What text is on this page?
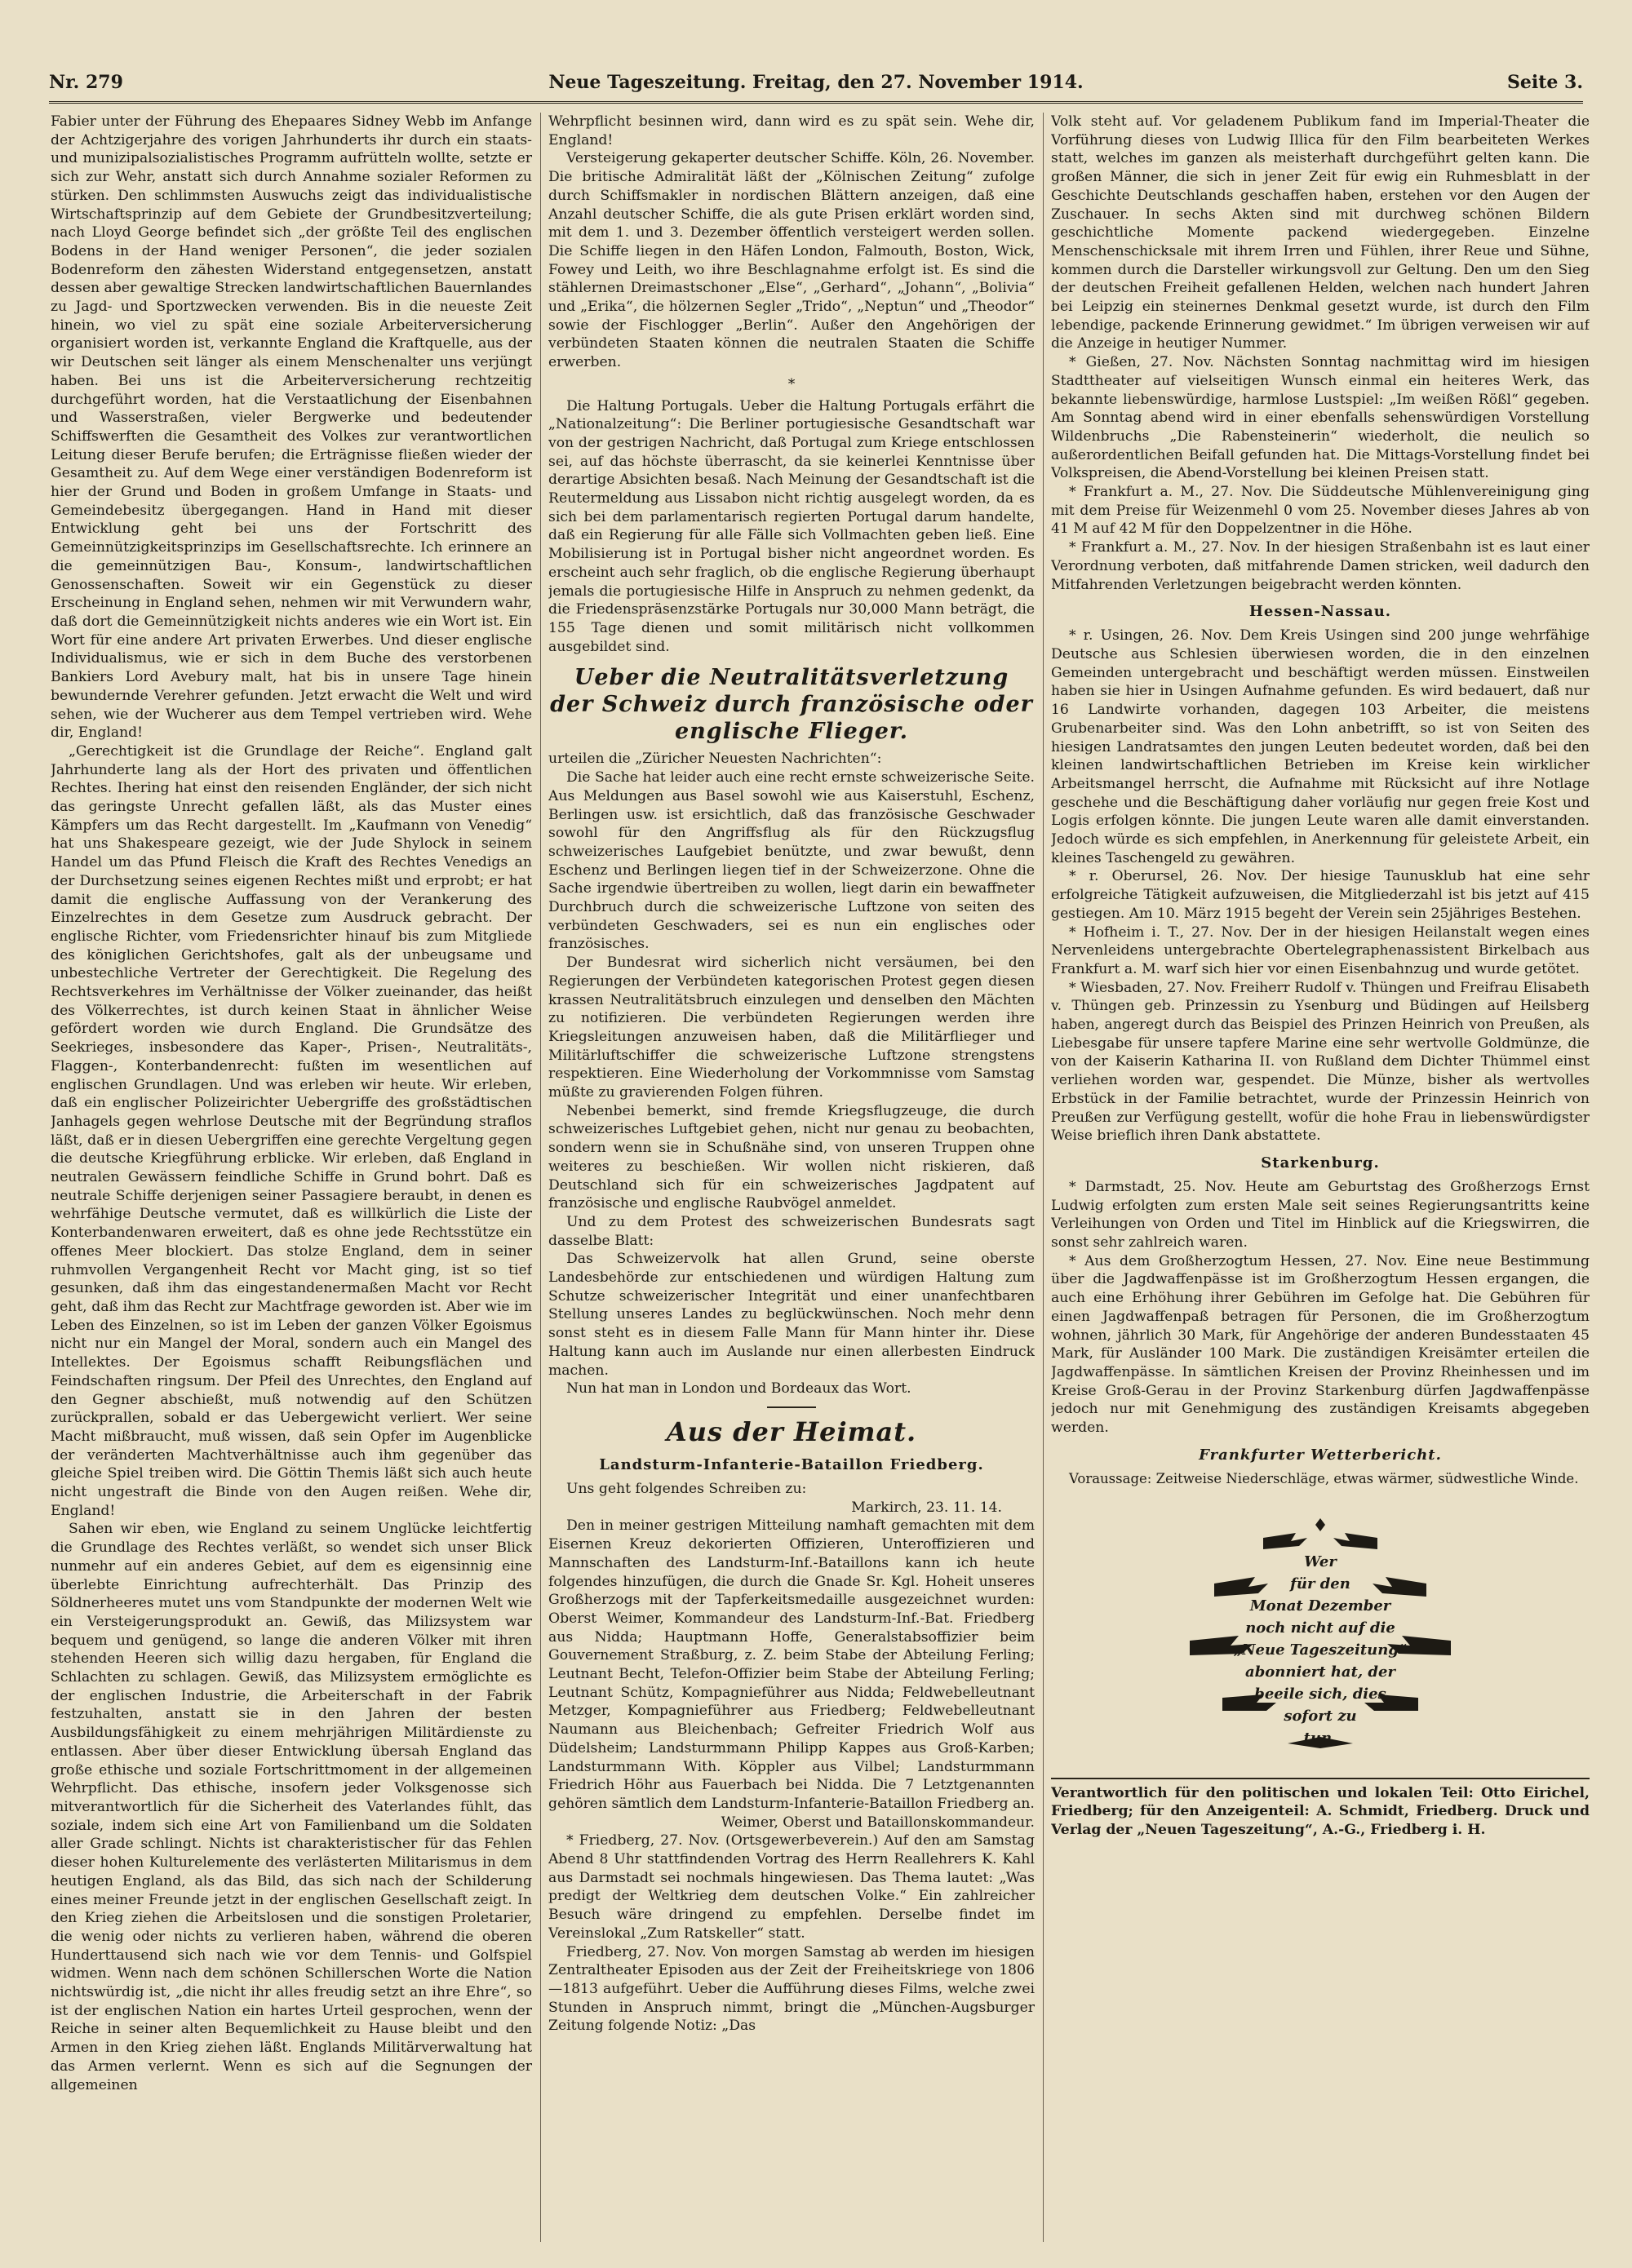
Nr. 279	Neue Tageszeitung. Freitag, den 27. November 1914.	Seite 3.

Fabier unter der Führung des Ehepaares Sidney Webb im Anfange der Achtzigerjahre des vorigen Jahrhunderts ihr durch ein staats- und munizipalsozialistisches Programm aufrütteln wollte, setzte er sich zur Wehr, anstatt sich durch Annahme sozialer Reformen zu stürken. Den schlimmsten Auswuchs zeigt das individualistische Wirtschaftsprinzip auf dem Gebiete der Grundbesitzverteilung; nach Lloyd George befindet sich „der größte Teil des englischen Bodens in der Hand weniger Personen“, die jeder sozialen Bodenreform den zähesten Widerstand entgegensetzen, anstatt dessen aber gewaltige Strecken landwirtschaftlichen Bauernlandes zu Jagd- und Sportzwecken verwenden. Bis in die neueste Zeit hinein, wo viel zu spät eine soziale Arbeiterversicherung organisiert worden ist, verkannte England die Kraftquelle, aus der wir Deutschen seit länger als einem Menschenalter uns verjüngt haben. Bei uns ist die Arbeiterversicherung rechtzeitig durchgeführt worden, hat die Verstaatlichung der Eisenbahnen und Wasserstraßen, vieler Bergwerke und bedeutender Schiffswerften die Gesamtheit des Volkes zur verantwortlichen Leitung dieser Berufe berufen; die Erträgnisse fließen wieder der Gesamtheit zu. Auf dem Wege einer verständigen Bodenreform ist hier der Grund und Boden in großem Umfange in Staats- und Gemeindebesitz übergegangen. Hand in Hand mit dieser Entwicklung geht bei uns der Fortschritt des Gemeinnützigkeitsprinzips im Gesellschaftsrechte. Ich erinnere an die gemeinnützigen Bau-, Konsum-, landwirtschaftlichen Genossenschaften. Soweit wir ein Gegenstück zu dieser Erscheinung in England sehen, nehmen wir mit Verwundern wahr, daß dort die Gemeinnützigkeit nichts anderes wie ein Wort ist. Ein Wort für eine andere Art privaten Erwerbes. Und dieser englische Individualismus, wie er sich in dem Buche des verstorbenen Bankiers Lord Avebury malt, hat bis in unsere Tage hinein bewundernde Verehrer gefunden. Jetzt erwacht die Welt und wird sehen, wie der Wucherer aus dem Tempel vertrieben wird. Wehe dir, England!

„Gerechtigkeit ist die Grundlage der Reiche“. England galt Jahrhunderte lang als der Hort des privaten und öffentlichen Rechtes. Ihering hat einst den reisenden Engländer, der sich nicht das geringste Unrecht gefallen läßt, als das Muster eines Kämpfers um das Recht dargestellt. Im „Kaufmann von Venedig“ hat uns Shakespeare gezeigt, wie der Jude Shylock in seinem Handel um das Pfund Fleisch die Kraft des Rechtes Venedigs an der Durchsetzung seines eigenen Rechtes mißt und erprobt; er hat damit die englische Auffassung von der Verankerung des Einzelrechtes in dem Gesetze zum Ausdruck gebracht. Der englische Richter, vom Friedensrichter hinauf bis zum Mitgliede des königlichen Gerichtshofes, galt als der unbeugsame und unbestechliche Vertreter der Gerechtigkeit. Die Regelung des Rechtsverkehres im Verhältnisse der Völker zueinander, das heißt des Völkerrechtes, ist durch keinen Staat in ähnlicher Weise gefördert worden wie durch England. Die Grundsätze des Seekrieges, insbesondere das Kaper-, Prisen-, Neutralitäts-, Flaggen-, Konterbandenrecht: fußten im wesentlichen auf englischen Grundlagen. Und was erleben wir heute. Wir erleben, daß ein englischer Polizeirichter Uebergriffe des großstädtischen Janhagels gegen wehrlose Deutsche mit der Begründung straflos läßt, daß er in diesen Uebergriffen eine gerechte Vergeltung gegen die deutsche Kriegführung erblicke. Wir erleben, daß England in neutralen Gewässern feindliche Schiffe in Grund bohrt. Daß es neutrale Schiffe derjenigen seiner Passagiere beraubt, in denen es wehrfähige Deutsche vermutet, daß es willkürlich die Liste der Konterbandenwaren erweitert, daß es ohne jede Rechtsstütze ein offenes Meer blockiert. Das stolze England, dem in seiner ruhmvollen Vergangenheit Recht vor Macht ging, ist so tief gesunken, daß ihm das eingestandenermaßen Macht vor Recht geht, daß ihm das Recht zur Machtfrage geworden ist. Aber wie im Leben des Einzelnen, so ist im Leben der ganzen Völker Egoismus nicht nur ein Mangel der Moral, sondern auch ein Mangel des Intellektes. Der Egoismus schafft Reibungsflächen und Feindschaften ringsum. Der Pfeil des Unrechtes, den England auf den Gegner abschießt, muß notwendig auf den Schützen zurückprallen, sobald er das Uebergewicht verliert. Wer seine Macht mißbraucht, muß wissen, daß sein Opfer im Augenblicke der veränderten Machtverhältnisse auch ihm gegenüber das gleiche Spiel treiben wird. Die Göttin Themis läßt sich auch heute nicht ungestraft die Binde von den Augen reißen. Wehe dir, England!

Sahen wir eben, wie England zu seinem Unglücke leichtfertig die Grundlage des Rechtes verläßt, so wendet sich unser Blick nunmehr auf ein anderes Gebiet, auf dem es eigensinnig eine überlebte Einrichtung aufrechterhält. Das Prinzip des Söldnerheeres mutet uns vom Standpunkte der modernen Welt wie ein Versteigerungsprodukt an. Gewiß, das Milizsystem war bequem und genügend, so lange die anderen Völker mit ihren stehenden Heeren sich willig dazu hergaben, für England die Schlachten zu schlagen. Gewiß, das Milizsystem ermöglichte es der englischen Industrie, die Arbeiterschaft in der Fabrik festzuhalten, anstatt sie in den Jahren der besten Ausbildungsfähigkeit zu einem mehrjährigen Militärdienste zu entlassen. Aber über dieser Entwicklung übersah England das große ethische und soziale Fortschrittmoment in der allgemeinen Wehrpflicht. Das ethische, insofern jeder Volksgenosse sich mitverantwortlich für die Sicherheit des Vaterlandes fühlt, das soziale, indem sich eine Art von Familienband um die Soldaten aller Grade schlingt. Nichts ist charakteristischer für das Fehlen dieser hohen Kulturelemente des verlästerten Militarismus in dem heutigen England, als das Bild, das sich nach der Schilderung eines meiner Freunde jetzt in der englischen Gesellschaft zeigt. In den Krieg ziehen die Arbeitslosen und die sonstigen Proletarier, die wenig oder nichts zu verlieren haben, während die oberen Hunderttausend sich nach wie vor dem Tennis- und Golfspiel widmen. Wenn nach dem schönen Schillerschen Worte die Nation nichtswürdig ist, „die nicht ihr alles freudig setzt an ihre Ehre“, so ist der englischen Nation ein hartes Urteil gesprochen, wenn der Reiche in seiner alten Bequemlichkeit zu Hause bleibt und den Armen in den Krieg ziehen läßt. Englands Militärverwaltung hat das Armen verlernt. Wenn es sich auf die Segnungen der allgemeinen

Wehrpflicht besinnen wird, dann wird es zu spät sein. Wehe dir, England!

Versteigerung gekaperter deutscher Schiffe. Köln, 26. November. Die britische Admiralität läßt der „Kölnischen Zeitung“ zufolge durch Schiffsmakler in nordischen Blättern anzeigen, daß eine Anzahl deutscher Schiffe, die als gute Prisen erklärt worden sind, mit dem 1. und 3. Dezember öffentlich versteigert werden sollen. Die Schiffe liegen in den Häfen London, Falmouth, Boston, Wick, Fowey und Leith, wo ihre Beschlagnahme erfolgt ist. Es sind die stählernen Dreimastschoner „Else“, „Gerhard“, „Johann“, „Bolivia“ und „Erika“, die hölzernen Segler „Trido“, „Neptun“ und „Theodor“ sowie der Fischlogger „Berlin“. Außer den Angehörigen der verbündeten Staaten können die neutralen Staaten die Schiffe erwerben.

*

Die Haltung Portugals. Ueber die Haltung Portugals erfährt die „Nationalzeitung“: Die Berliner portugiesische Gesandtschaft war von der gestrigen Nachricht, daß Portugal zum Kriege entschlossen sei, auf das höchste überrascht, da sie keinerlei Kenntnisse über derartige Absichten besaß. Nach Meinung der Gesandtschaft ist die Reutermeldung aus Lissabon nicht richtig ausgelegt worden, da es sich bei dem parlamentarisch regierten Portugal darum handelte, daß ein Regierung für alle Fälle sich Vollmachten geben ließ. Eine Mobilisierung ist in Portugal bisher nicht angeordnet worden. Es erscheint auch sehr fraglich, ob die englische Regierung überhaupt jemals die portugiesische Hilfe in Anspruch zu nehmen gedenkt, da die Friedenspräsenzstärke Portugals nur 30,000 Mann beträgt, die 155 Tage dienen und somit militärisch nicht vollkommen ausgebildet sind.

Ueber die Neutralitätsverletzung der Schweiz durch französische oder englische Flieger.

urteilen die „Züricher Neuesten Nachrichten“:

Die Sache hat leider auch eine recht ernste schweizerische Seite. Aus Meldungen aus Basel sowohl wie aus Kaiserstuhl, Eschenz, Berlingen usw. ist ersichtlich, daß das französische Geschwader sowohl für den Angriffsflug als für den Rückzugsflug schweizerisches Laufgebiet benützte, und zwar bewußt, denn Eschenz und Berlingen liegen tief in der Schweizerzone. Ohne die Sache irgendwie übertreiben zu wollen, liegt darin ein bewaffneter Durchbruch durch die schweizerische Luftzone von seiten des verbündeten Geschwaders, sei es nun ein englisches oder französisches.

Der Bundesrat wird sicherlich nicht versäumen, bei den Regierungen der Verbündeten kategorischen Protest gegen diesen krassen Neutralitätsbruch einzulegen und denselben den Mächten zu notifizieren. Die verbündeten Regierungen werden ihre Kriegsleitungen anzuweisen haben, daß die Militärflieger und Militärluftschiffer die schweizerische Luftzone strengstens respektieren. Eine Wiederholung der Vorkommnisse vom Samstag müßte zu gravierenden Folgen führen.

Nebenbei bemerkt, sind fremde Kriegsflugzeuge, die durch schweizerisches Luftgebiet gehen, nicht nur genau zu beobachten, sondern wenn sie in Schußnähe sind, von unseren Truppen ohne weiteres zu beschießen. Wir wollen nicht riskieren, daß Deutschland sich für ein schweizerisches Jagdpatent auf französische und englische Raubvögel anmeldet.

Und zu dem Protest des schweizerischen Bundesrats sagt dasselbe Blatt:

Das Schweizervolk hat allen Grund, seine oberste Landesbehörde zur entschiedenen und würdigen Haltung zum Schutze schweizerischer Integrität und einer unanfechtbaren Stellung unseres Landes zu beglückwünschen. Noch mehr denn sonst steht es in diesem Falle Mann für Mann hinter ihr. Diese Haltung kann auch im Auslande nur einen allerbesten Eindruck machen.

Nun hat man in London und Bordeaux das Wort.

Aus der Heimat.
Landsturm-Infanterie-Bataillon Friedberg.

Uns geht folgendes Schreiben zu:

Markirch, 23. 11. 14.

Den in meiner gestrigen Mitteilung namhaft gemachten mit dem Eisernen Kreuz dekorierten Offizieren, Unteroffizieren und Mannschaften des Landsturm-Inf.-Bataillons kann ich heute folgendes hinzufügen, die durch die Gnade Sr. Kgl. Hoheit unseres Großherzogs mit der Tapferkeitsmedaille ausgezeichnet wurden: Oberst Weimer, Kommandeur des Landsturm-Inf.-Bat. Friedberg aus Nidda; Hauptmann Hoffe, Generalstabsoffizier beim Gouvernement Straßburg, z. Z. beim Stabe der Abteilung Ferling; Leutnant Becht, Telefon-Offizier beim Stabe der Abteilung Ferling; Leutnant Schütz, Kompagnieführer aus Nidda; Feldwebelleutnant Metzger, Kompagnieführer aus Friedberg; Feldwebelleutnant Naumann aus Bleichenbach; Gefreiter Friedrich Wolf aus Düdelsheim; Landsturmmann Philipp Kappes aus Groß-Karben; Landsturmmann With. Köppler aus Vilbel; Landsturmmann Friedrich Höhr aus Fauerbach bei Nidda. Die 7 Letztgenannten gehören sämtlich dem Landsturm-Infanterie-Bataillon Friedberg an.

Weimer, Oberst und Bataillonskommandeur.

* Friedberg, 27. Nov. (Ortsgewerbeverein.) Auf den am Samstag Abend 8 Uhr stattfindenden Vortrag des Herrn Reallehrers K. Kahl aus Darmstadt sei nochmals hingewiesen. Das Thema lautet: „Was predigt der Weltkrieg dem deutschen Volke.“ Ein zahlreicher Besuch wäre dringend zu empfehlen. Derselbe findet im Vereinslokal „Zum Ratskeller“ statt.

Friedberg, 27. Nov. Von morgen Samstag ab werden im hiesigen Zentraltheater Episoden aus der Zeit der Freiheitskriege von 1806—1813 aufgeführt. Ueber die Aufführung dieses Films, welche zwei Stunden in Anspruch nimmt, bringt die „München-Augsburger Zeitung folgende Notiz: „Das

Volk steht auf. Vor geladenem Publikum fand im Imperial-Theater die Vorführung dieses von Ludwig Illica für den Film bearbeiteten Werkes statt, welches im ganzen als meisterhaft durchgeführt gelten kann. Die großen Männer, die sich in jener Zeit für ewig ein Ruhmesblatt in der Geschichte Deutschlands geschaffen haben, erstehen vor den Augen der Zuschauer. In sechs Akten sind mit durchweg schönen Bildern geschichtliche Momente packend wiedergegeben. Einzelne Menschenschicksale mit ihrem Irren und Fühlen, ihrer Reue und Sühne, kommen durch die Darsteller wirkungsvoll zur Geltung. Den um den Sieg der deutschen Freiheit gefallenen Helden, welchen nach hundert Jahren bei Leipzig ein steinernes Denkmal gesetzt wurde, ist durch den Film lebendige, packende Erinnerung gewidmet.“ Im übrigen verweisen wir auf die Anzeige in heutiger Nummer.

* Gießen, 27. Nov. Nächsten Sonntag nachmittag wird im hiesigen Stadttheater auf vielseitigen Wunsch einmal ein heiteres Werk, das bekannte liebenswürdige, harmlose Lustspiel: „Im weißen Rößl“ gegeben. Am Sonntag abend wird in einer ebenfalls sehenswürdigen Vorstellung Wildenbruchs „Die Rabensteinerin“ wiederholt, die neulich so außerordentlichen Beifall gefunden hat. Die Mittags-Vorstellung findet bei Volkspreisen, die Abend-Vorstellung bei kleinen Preisen statt.

* Frankfurt a. M., 27. Nov. Die Süddeutsche Mühlenvereinigung ging mit dem Preise für Weizenmehl 0 vom 25. November dieses Jahres ab von 41 M auf 42 M für den Doppelzentner in die Höhe.

* Frankfurt a. M., 27. Nov. In der hiesigen Straßenbahn ist es laut einer Verordnung verboten, daß mitfahrende Damen stricken, weil dadurch den Mitfahrenden Verletzungen beigebracht werden könnten.

Hessen-Nassau.

* r. Usingen, 26. Nov. Dem Kreis Usingen sind 200 junge wehrfähige Deutsche aus Schlesien überwiesen worden, die in den einzelnen Gemeinden untergebracht und beschäftigt werden müssen. Einstweilen haben sie hier in Usingen Aufnahme gefunden. Es wird bedauert, daß nur 16 Landwirte vorhanden, dagegen 103 Arbeiter, die meistens Grubenarbeiter sind. Was den Lohn anbetrifft, so ist von Seiten des hiesigen Landratsamtes den jungen Leuten bedeutet worden, daß bei den kleinen landwirtschaftlichen Betrieben im Kreise kein wirklicher Arbeitsmangel herrscht, die Aufnahme mit Rücksicht auf ihre Notlage geschehe und die Beschäftigung daher vorläufig nur gegen freie Kost und Logis erfolgen könnte. Die jungen Leute waren alle damit einverstanden. Jedoch würde es sich empfehlen, in Anerkennung für geleistete Arbeit, ein kleines Taschengeld zu gewähren.

* r. Oberursel, 26. Nov. Der hiesige Taunusklub hat eine sehr erfolgreiche Tätigkeit aufzuweisen, die Mitgliederzahl ist bis jetzt auf 415 gestiegen. Am 10. März 1915 begeht der Verein sein 25jähriges Bestehen.

* Hofheim i. T., 27. Nov. Der in der hiesigen Heilanstalt wegen eines Nervenleidens untergebrachte Obertelegraphenassistent Birkelbach aus Frankfurt a. M. warf sich hier vor einen Eisenbahnzug und wurde getötet.

* Wiesbaden, 27. Nov. Freiherr Rudolf v. Thüngen und Freifrau Elisabeth v. Thüngen geb. Prinzessin zu Ysenburg und Büdingen auf Heilsberg haben, angeregt durch das Beispiel des Prinzen Heinrich von Preußen, als Liebesgabe für unsere tapfere Marine eine sehr wertvolle Goldmünze, die von der Kaiserin Katharina II. von Rußland dem Dichter Thümmel einst verliehen worden war, gespendet. Die Münze, bisher als wertvolles Erbstück in der Familie betrachtet, wurde der Prinzessin Heinrich von Preußen zur Verfügung gestellt, wofür die hohe Frau in liebenswürdigster Weise brieflich ihren Dank abstattete.

Starkenburg.

* Darmstadt, 25. Nov. Heute am Geburtstag des Großherzogs Ernst Ludwig erfolgten zum ersten Male seit seines Regierungsantritts keine Verleihungen von Orden und Titel im Hinblick auf die Kriegswirren, die sonst sehr zahlreich waren.

* Aus dem Großherzogtum Hessen, 27. Nov. Eine neue Bestimmung über die Jagdwaffenpässe ist im Großherzogtum Hessen ergangen, die auch eine Erhöhung ihrer Gebühren im Gefolge hat. Die Gebühren für einen Jagdwaffenpaß betragen für Personen, die im Großherzogtum wohnen, jährlich 30 Mark, für Angehörige der anderen Bundesstaaten 45 Mark, für Ausländer 100 Mark. Die zuständigen Kreisämter erteilen die Jagdwaffenpässe. In sämtlichen Kreisen der Provinz Rheinhessen und im Kreise Groß-Gerau in der Provinz Starkenburg dürfen Jagdwaffenpässe jedoch nur mit Genehmigung des zuständigen Kreisamts abgegeben werden.

Frankfurter Wetterbericht.

Voraussage: Zeitweise Niederschläge, etwas wärmer, südwestliche Winde.

Wer
für den
Monat Dezember
noch nicht auf die
„Neue Tageszeitung“
abonniert hat, der
beeile sich, dies
sofort zu
tun.

Verantwortlich für den politischen und lokalen Teil: Otto Eirichel, Friedberg; für den Anzeigenteil: A. Schmidt, Friedberg. Druck und Verlag der „Neuen Tageszeitung“, A.-G., Friedberg i. H.
